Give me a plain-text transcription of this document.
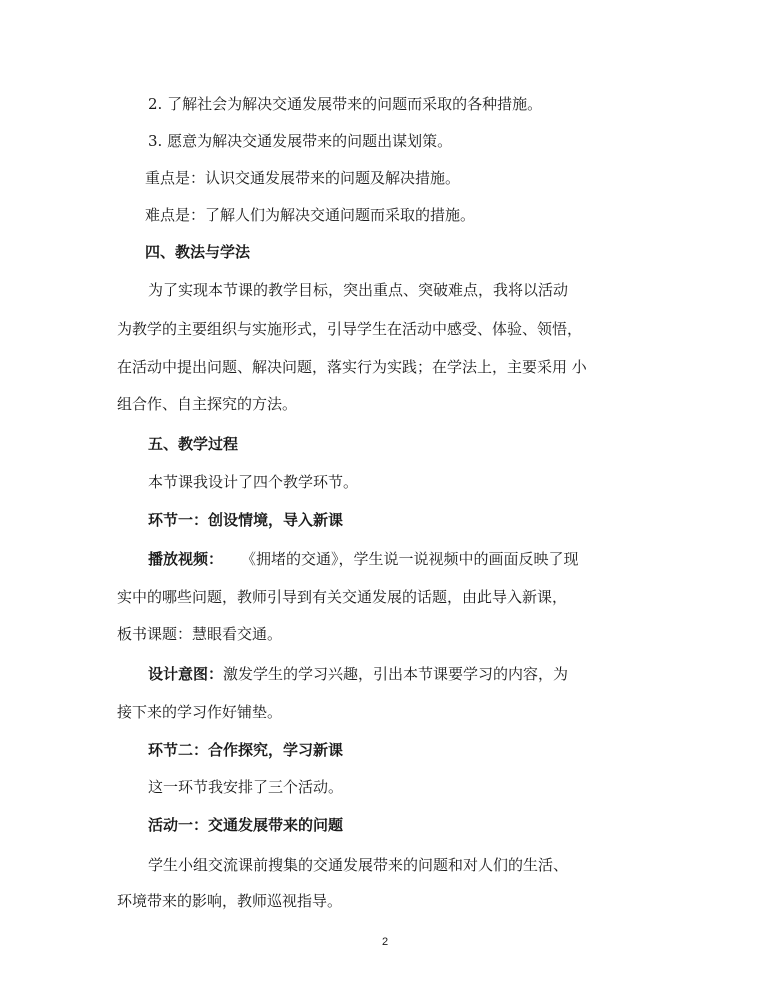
2. 了解社会为解决交通发展带来的问题而采取的各种措施。
3. 愿意为解决交通发展带来的问题出谋划策。
重点是：认识交通发展带来的问题及解决措施。
难点是：了解人们为解决交通问题而采取的措施。
四、教法与学法
为了实现本节课的教学目标，突出重点、突破难点，我将以活动
为教学的主要组织与实施形式，引导学生在活动中感受、体验、领悟，
在活动中提出问题、解决问题，落实行为实践；在学法上，主要采用 小
组合作、自主探究的方法。
五、教学过程
本节课我设计了四个教学环节。
环节一：创设情境，导入新课
播放视频： 《拥堵的交通》，学生说一说视频中的画面反映了现
实中的哪些问题，教师引导到有关交通发展的话题，由此导入新课，
板书课题：慧眼看交通。
设计意图：激发学生的学习兴趣，引出本节课要学习的内容，为
接下来的学习作好铺垫。
环节二：合作探究，学习新课
这一环节我安排了三个活动。
活动一：交通发展带来的问题
学生小组交流课前搜集的交通发展带来的问题和对人们的生活、
环境带来的影响，教师巡视指导。
2
